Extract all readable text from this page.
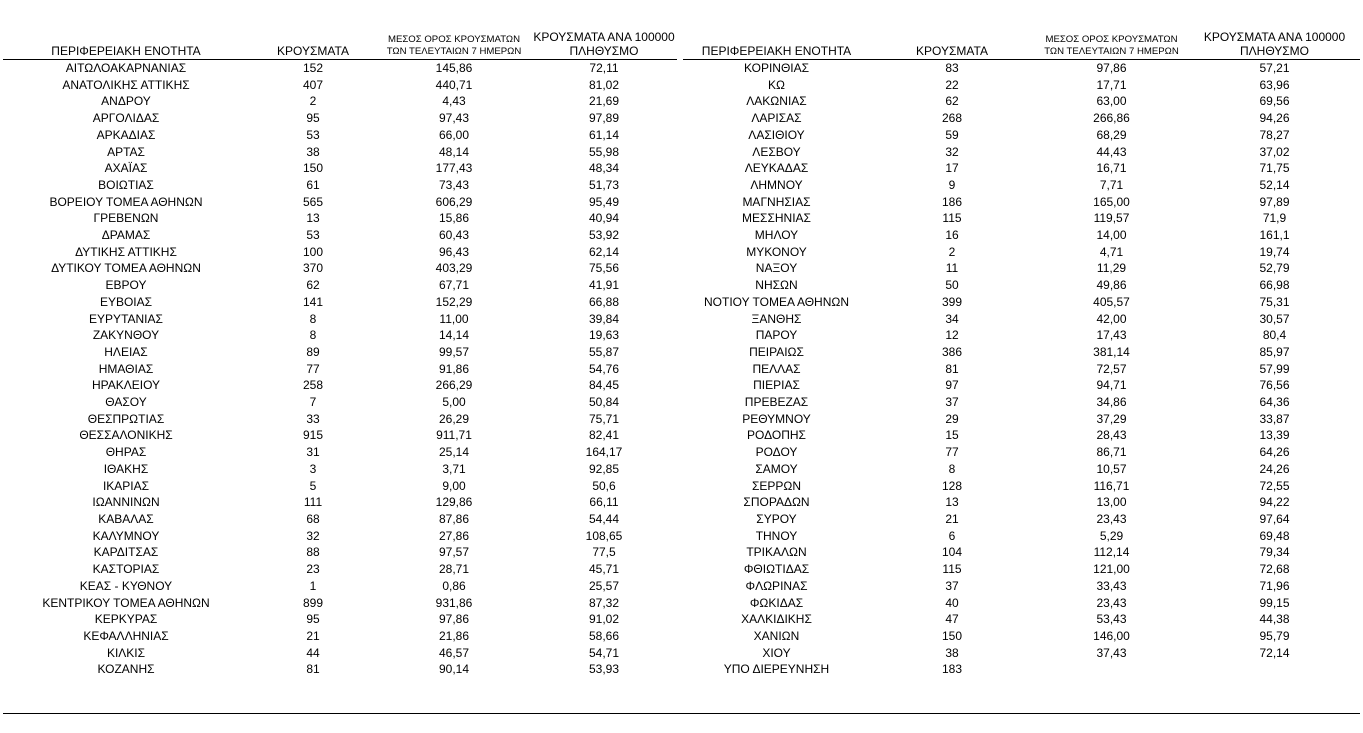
ΠΕΡΙΦΕΡΕΙΑΚΗ ΕΝΟΤΗΤΑ	ΚΡΟΥΣΜΑΤΑ	ΜΕΣΟΣ ΟΡΟΣ ΚΡΟΥΣΜΑΤΩΝ
ΤΩΝ ΤΕΛΕΥΤΑΙΩΝ 7 ΗΜΕΡΩΝ	ΚΡΟΥΣΜΑΤΑ ΑΝΑ 100000
ΠΛΗΘΥΣΜΟ
ΑΙΤΩΛΟΑΚΑΡΝΑΝΙΑΣ	152	145,86	72,11
ΑΝΑΤΟΛΙΚΗΣ ΑΤΤΙΚΗΣ	407	440,71	81,02
ΑΝΔΡΟΥ	2	4,43	21,69
ΑΡΓΟΛΙΔΑΣ	95	97,43	97,89
ΑΡΚΑΔΙΑΣ	53	66,00	61,14
ΑΡΤΑΣ	38	48,14	55,98
ΑΧΑΪΑΣ	150	177,43	48,34
ΒΟΙΩΤΙΑΣ	61	73,43	51,73
ΒΟΡΕΙΟΥ ΤΟΜΕΑ ΑΘΗΝΩΝ	565	606,29	95,49
ΓΡΕΒΕΝΩΝ	13	15,86	40,94
ΔΡΑΜΑΣ	53	60,43	53,92
ΔΥΤΙΚΗΣ ΑΤΤΙΚΗΣ	100	96,43	62,14
ΔΥΤΙΚΟΥ ΤΟΜΕΑ ΑΘΗΝΩΝ	370	403,29	75,56
ΕΒΡΟΥ	62	67,71	41,91
ΕΥΒΟΙΑΣ	141	152,29	66,88
ΕΥΡΥΤΑΝΙΑΣ	8	11,00	39,84
ΖΑΚΥΝΘΟΥ	8	14,14	19,63
ΗΛΕΙΑΣ	89	99,57	55,87
ΗΜΑΘΙΑΣ	77	91,86	54,76
ΗΡΑΚΛΕΙΟΥ	258	266,29	84,45
ΘΑΣΟΥ	7	5,00	50,84
ΘΕΣΠΡΩΤΙΑΣ	33	26,29	75,71
ΘΕΣΣΑΛΟΝΙΚΗΣ	915	911,71	82,41
ΘΗΡΑΣ	31	25,14	164,17
ΙΘΑΚΗΣ	3	3,71	92,85
ΙΚΑΡΙΑΣ	5	9,00	50,6
ΙΩΑΝΝΙΝΩΝ	111	129,86	66,11
ΚΑΒΑΛΑΣ	68	87,86	54,44
ΚΑΛΥΜΝΟΥ	32	27,86	108,65
ΚΑΡΔΙΤΣΑΣ	88	97,57	77,5
ΚΑΣΤΟΡΙΑΣ	23	28,71	45,71
ΚΕΑΣ - ΚΥΘΝΟΥ	1	0,86	25,57
ΚΕΝΤΡΙΚΟΥ ΤΟΜΕΑ ΑΘΗΝΩΝ	899	931,86	87,32
ΚΕΡΚΥΡΑΣ	95	97,86	91,02
ΚΕΦΑΛΛΗΝΙΑΣ	21	21,86	58,66
ΚΙΛΚΙΣ	44	46,57	54,71
ΚΟΖΑΝΗΣ	81	90,14	53,93
ΠΕΡΙΦΕΡΕΙΑΚΗ ΕΝΟΤΗΤΑ	ΚΡΟΥΣΜΑΤΑ	ΜΕΣΟΣ ΟΡΟΣ ΚΡΟΥΣΜΑΤΩΝ
ΤΩΝ ΤΕΛΕΥΤΑΙΩΝ 7 ΗΜΕΡΩΝ	ΚΡΟΥΣΜΑΤΑ ΑΝΑ 100000
ΠΛΗΘΥΣΜΟ
ΚΟΡΙΝΘΙΑΣ	83	97,86	57,21
ΚΩ	22	17,71	63,96
ΛΑΚΩΝΙΑΣ	62	63,00	69,56
ΛΑΡΙΣΑΣ	268	266,86	94,26
ΛΑΣΙΘΙΟΥ	59	68,29	78,27
ΛΕΣΒΟΥ	32	44,43	37,02
ΛΕΥΚΑΔΑΣ	17	16,71	71,75
ΛΗΜΝΟΥ	9	7,71	52,14
ΜΑΓΝΗΣΙΑΣ	186	165,00	97,89
ΜΕΣΣΗΝΙΑΣ	115	119,57	71,9
ΜΗΛΟΥ	16	14,00	161,1
ΜΥΚΟΝΟΥ	2	4,71	19,74
ΝΑΞΟΥ	11	11,29	52,79
ΝΗΣΩΝ	50	49,86	66,98
ΝΟΤΙΟΥ ΤΟΜΕΑ ΑΘΗΝΩΝ	399	405,57	75,31
ΞΑΝΘΗΣ	34	42,00	30,57
ΠΑΡΟΥ	12	17,43	80,4
ΠΕΙΡΑΙΩΣ	386	381,14	85,97
ΠΕΛΛΑΣ	81	72,57	57,99
ΠΙΕΡΙΑΣ	97	94,71	76,56
ΠΡΕΒΕΖΑΣ	37	34,86	64,36
ΡΕΘΥΜΝΟΥ	29	37,29	33,87
ΡΟΔΟΠΗΣ	15	28,43	13,39
ΡΟΔΟΥ	77	86,71	64,26
ΣΑΜΟΥ	8	10,57	24,26
ΣΕΡΡΩΝ	128	116,71	72,55
ΣΠΟΡΑΔΩΝ	13	13,00	94,22
ΣΥΡΟΥ	21	23,43	97,64
ΤΗΝΟΥ	6	5,29	69,48
ΤΡΙΚΑΛΩΝ	104	112,14	79,34
ΦΘΙΩΤΙΔΑΣ	115	121,00	72,68
ΦΛΩΡΙΝΑΣ	37	33,43	71,96
ΦΩΚΙΔΑΣ	40	23,43	99,15
ΧΑΛΚΙΔΙΚΗΣ	47	53,43	44,38
ΧΑΝΙΩΝ	150	146,00	95,79
ΧΙΟΥ	38	37,43	72,14
ΥΠΟ ΔΙΕΡΕΥΝΗΣΗ	183		
